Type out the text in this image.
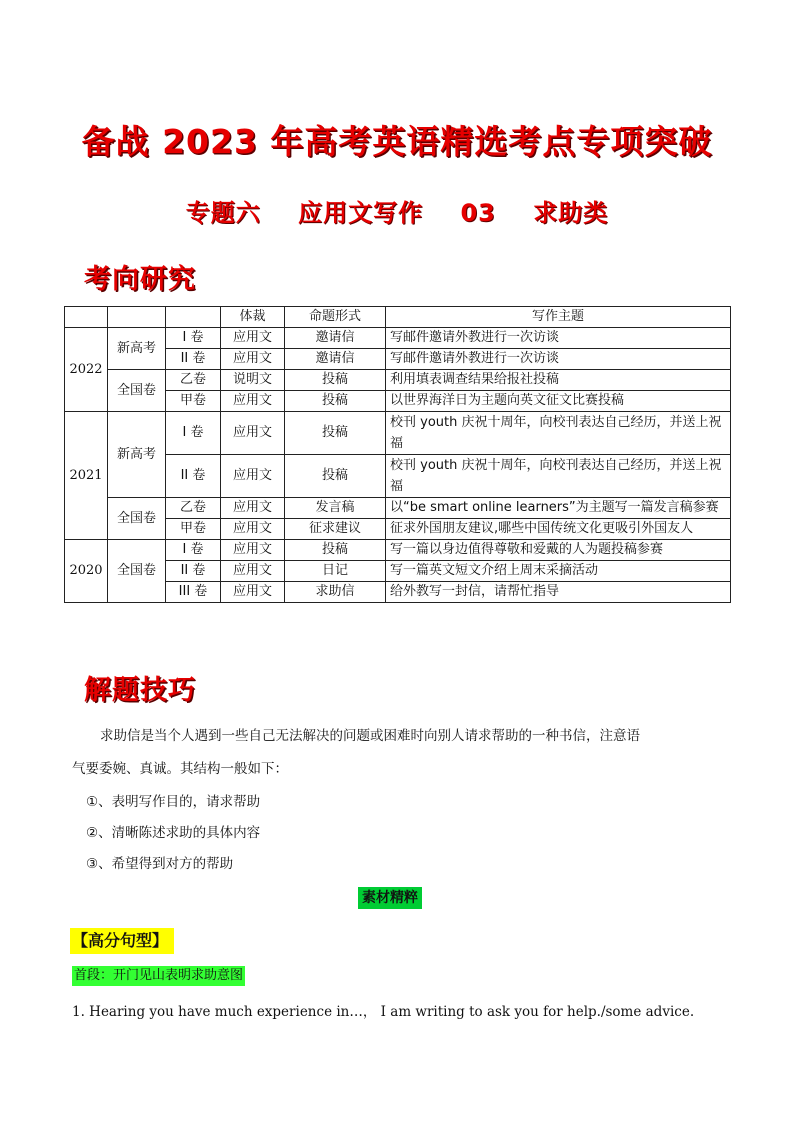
备战 2023 年高考英语精选考点专项突破
专题六 应用文写作 03 求助类
考向研究
			体裁	命题形式	写作主题
2022	新高考	I 卷	应用文	邀请信	写邮件邀请外教进行一次访谈
		II 卷	应用文	邀请信	写邮件邀请外教进行一次访谈
	全国卷	乙卷	说明文	投稿	利用填表调查结果给报社投稿
		甲卷	应用文	投稿	以世界海洋日为主题向英文征文比赛投稿
2021	新高考	I 卷	应用文	投稿	校刊 youth 庆祝十周年，向校刊表达自己经历，并送上祝福
		II 卷	应用文	投稿	校刊 youth 庆祝十周年，向校刊表达自己经历，并送上祝福
	全国卷	乙卷	应用文	发言稿	以“be smart online learners”为主题写一篇发言稿参赛
		甲卷	应用文	征求建议	征求外国朋友建议,哪些中国传统文化更吸引外国友人
2020	全国卷	I 卷	应用文	投稿	写一篇以身边值得尊敬和爱戴的人为题投稿参赛
		II 卷	应用文	日记	写一篇英文短文介绍上周末采摘活动
		III 卷	应用文	求助信	给外教写一封信，请帮忙指导
解题技巧
求助信是当个人遇到一些自己无法解决的问题或困难时向别人请求帮助的一种书信，注意语
气要委婉、真诚。其结构一般如下：
①、表明写作目的，请求帮助
②、清晰陈述求助的具体内容
③、希望得到对方的帮助
素材精粹
【高分句型】
首段：开门见山表明求助意图
1. Hearing you have much experience in…， I am writing to ask you for help./some advice.
